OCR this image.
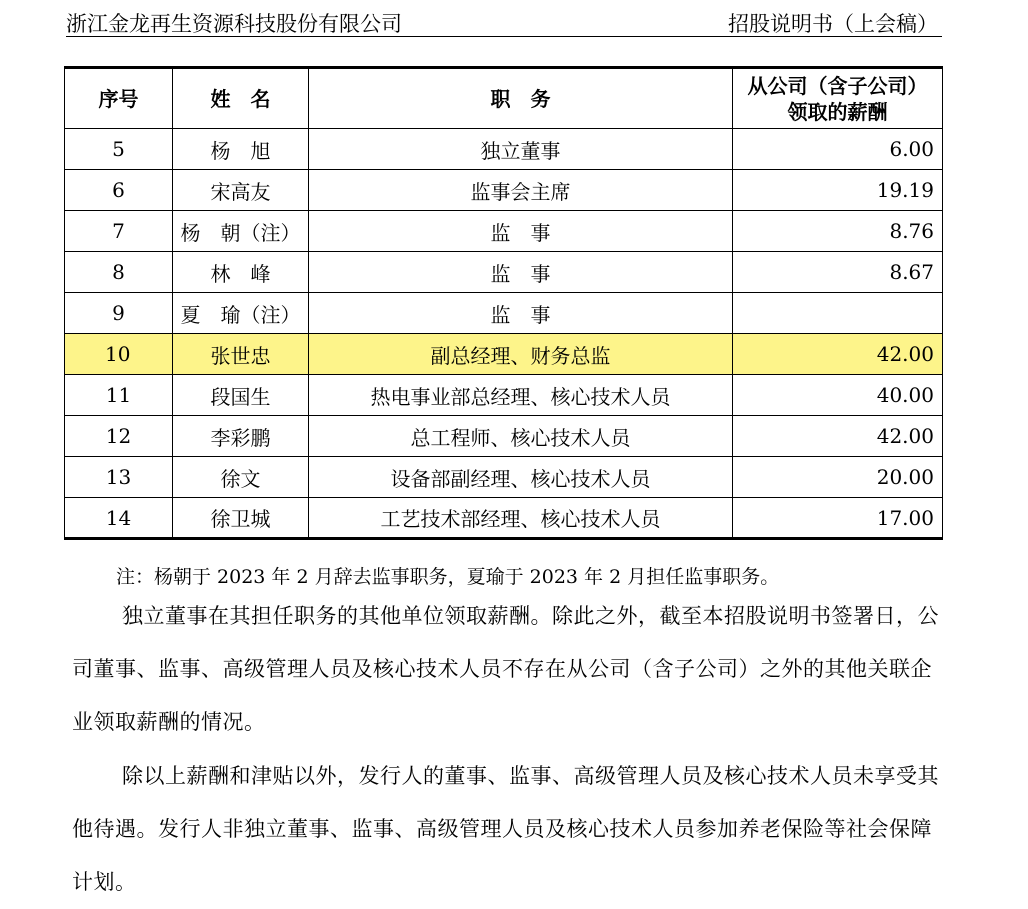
浙江金龙再生资源科技股份有限公司	招股说明书（上会稿）
序号	姓　名	职　务	从公司（含子公司）领取的薪酬
5	杨　旭	独立董事	6.00
6	宋高友	监事会主席	19.19
7	杨　朝（注）	监　事	8.76
8	林　峰	监　事	8.67
9	夏　瑜（注）	监　事	
10	张世忠	副总经理、财务总监	42.00
11	段国生	热电事业部总经理、核心技术人员	40.00
12	李彩鹏	总工程师、核心技术人员	42.00
13	徐文	设备部副经理、核心技术人员	20.00
14	徐卫城	工艺技术部经理、核心技术人员	17.00
注：杨朝于 2023 年 2 月辞去监事职务，夏瑜于 2023 年 2 月担任监事职务。
独立董事在其担任职务的其他单位领取薪酬。除此之外，截至本招股说明书签署日，公司董事、监事、高级管理人员及核心技术人员不存在从公司（含子公司）之外的其他关联企业领取薪酬的情况。
除以上薪酬和津贴以外，发行人的董事、监事、高级管理人员及核心技术人员未享受其他待遇。发行人非独立董事、监事、高级管理人员及核心技术人员参加养老保险等社会保障计划。
